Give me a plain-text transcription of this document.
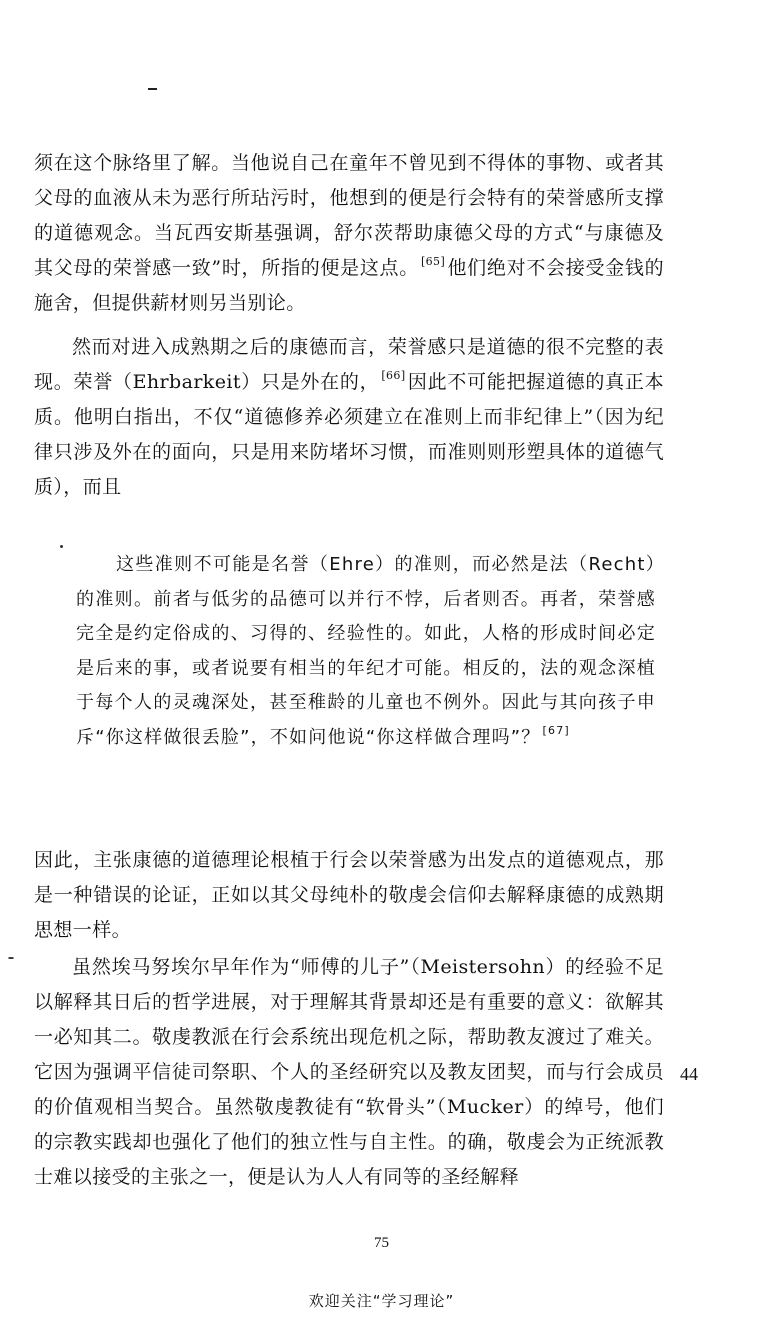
须在这个脉络里了解。当他说自己在童年不曾见到不得体的事物、或者其父母的血液从未为恶行所玷污时，他想到的便是行会特有的荣誉感所支撑的道德观念。当瓦西安斯基强调，舒尔茨帮助康德父母的方式“与康德及其父母的荣誉感一致”时，所指的便是这点。 [65] 他们绝对不会接受金钱的施舍，但提供薪材则另当别论。

然而对进入成熟期之后的康德而言，荣誉感只是道德的很不完整的表现。荣誉（Ehrbarkeit）只是外在的， [66] 因此不可能把握道德的真正本质。他明白指出，不仅“道德修养必须建立在准则上而非纪律上”（因为纪律只涉及外在的面向，只是用来防堵坏习惯，而准则则形塑具体的道德气质），而且

这些准则不可能是名誉（Ehre）的准则，而必然是法（Recht）的准则。前者与低劣的品德可以并行不悖，后者则否。再者，荣誉感完全是约定俗成的、习得的、经验性的。如此，人格的形成时间必定是后来的事，或者说要有相当的年纪才可能。相反的，法的观念深植于每个人的灵魂深处，甚至稚龄的儿童也不例外。因此与其向孩子申斥“你这样做很丢脸”，不如问他说“你这样做合理吗”？ [67]

因此，主张康德的道德理论根植于行会以荣誉感为出发点的道德观点，那是一种错误的论证，正如以其父母纯朴的敬虔会信仰去解释康德的成熟期思想一样。

虽然埃马努埃尔早年作为“师傅的儿子”（Meistersohn）的经验不足以解释其日后的哲学进展，对于理解其背景却还是有重要的意义：欲解其一必知其二。敬虔教派在行会系统出现危机之际，帮助教友渡过了难关。它因为强调平信徒司祭职、个人的圣经研究以及教友团契，而与行会成员的价值观相当契合。虽然敬虔教徒有“软骨头”（Mucker）的绰号，他们的宗教实践却也强化了他们的独立性与自主性。的确，敬虔会为正统派教士难以接受的主张之一，便是认为人人有同等的圣经解释

44
75
欢迎关注“学习理论”
